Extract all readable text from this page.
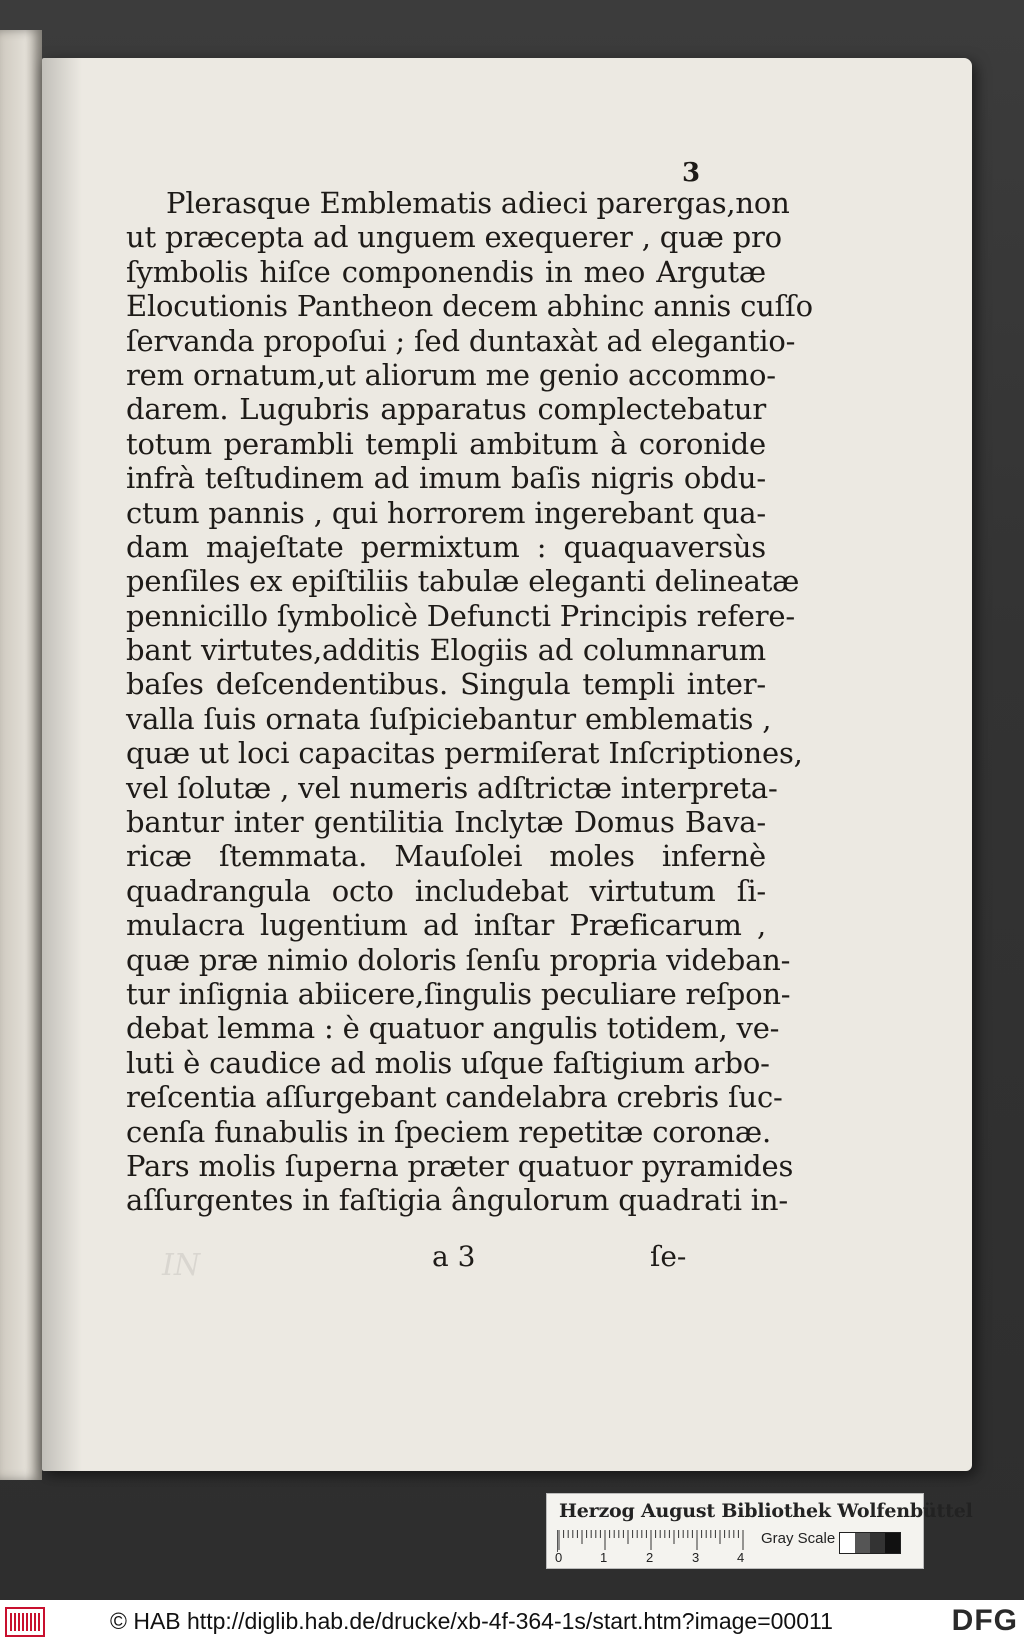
3
Plerasque Emblematis adieci parergas,non
ut præcepta ad unguem exequerer , quæ pro
ſymbolis hiſce componendis in meo Argutæ
Elocutionis Pantheon decem abhinc annis cuſſo
ſervanda propoſui ; ſed duntaxàt ad elegantio-
rem ornatum,ut aliorum me genio accommo-
darem. Lugubris apparatus complectebatur
totum perambli templi ambitum à coronide
infrà teſtudinem ad imum baſis nigris obdu-
ctum pannis , qui horrorem ingerebant qua-
dam majeſtate permixtum : quaquaversùs
penſiles ex epiſtiliis tabulæ eleganti delineatæ
pennicillo ſymbolicè Defuncti Principis refere-
bant virtutes,additis Elogiis ad columnarum
baſes deſcendentibus. Singula templi inter-
valla ſuis ornata ſuſpiciebantur emblematis ,
quæ ut loci capacitas permiſerat Inſcriptiones,
vel ſolutæ , vel numeris adſtrictæ interpreta-
bantur inter gentilitia Inclytæ Domus Bava-
ricæ ſtemmata. Mauſolei moles infernè
quadrangula octo includebat virtutum ſi-
mulacra lugentium ad inſtar Præficarum ,
quæ præ nimio doloris ſenſu propria videban-
tur inſignia abiicere,ſingulis peculiare reſpon-
debat lemma : è quatuor angulis totidem, ve-
luti è caudice ad molis uſque faſtigium arbo-
reſcentia aſſurgebant candelabra crebris ſuc-
cenſa funabulis in ſpeciem repetitæ coronæ.
Pars molis ſuperna præter quatuor pyramides
aſſurgentes in faſtigia ângulorum quadrati in-
IN	a 3	ſe-
Herzog August Bibliothek Wolfenbüttel
0	1	2	3	4
Gray Scale
© HAB http://diglib.hab.de/drucke/xb-4f-364-1s/start.htm?image=00011	DFG
